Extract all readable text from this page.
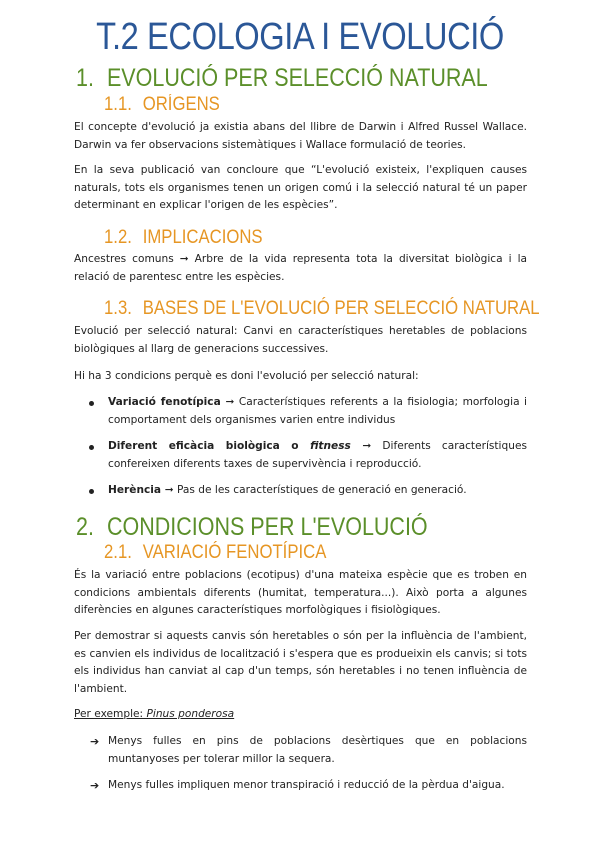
T.2 ECOLOGIA I EVOLUCIÓ
1. EVOLUCIÓ PER SELECCIÓ NATURAL
1.1. ORÍGENS
El concepte d'evolució ja existia abans del llibre de Darwin i Alfred Russel Wallace. Darwin va fer observacions sistemàtiques i Wallace formulació de teories.
En la seva publicació van concloure que “L'evolució existeix, l'expliquen causes naturals, tots els organismes tenen un origen comú i la selecció natural té un paper determinant en explicar l'origen de les espècies”.
1.2. IMPLICACIONS
Ancestres comuns ➞ Arbre de la vida representa tota la diversitat biològica i la relació de parentesc entre les espècies.
1.3. BASES DE L'EVOLUCIÓ PER SELECCIÓ NATURAL
Evolució per selecció natural: Canvi en característiques heretables de poblacions biològiques al llarg de generacions successives.
Hi ha 3 condicions perquè es doni l'evolució per selecció natural:
Variació fenotípica ➞ Característiques referents a la fisiologia; morfologia i comportament dels organismes varien entre individus
Diferent eficàcia biològica o fitness ➞ Diferents característiques confereixen diferents taxes de supervivència i reproducció.
Herència ➞ Pas de les característiques de generació en generació.
2. CONDICIONS PER L'EVOLUCIÓ
2.1. VARIACIÓ FENOTÍPICA
És la variació entre poblacions (ecotipus) d'una mateixa espècie que es troben en condicions ambientals diferents (humitat, temperatura...). Això porta a algunes diferències en algunes característiques morfològiques i fisiològiques.
Per demostrar si aquests canvis són heretables o són per la influència de l'ambient, es canvien els individus de localització i s'espera que es produeixin els canvis; si tots els individus han canviat al cap d'un temps, són heretables i no tenen influència de l'ambient.
Per exemple: Pinus ponderosa
➔ Menys fulles en pins de poblacions desèrtiques que en poblacions muntanyoses per tolerar millor la sequera.
➔ Menys fulles impliquen menor transpiració i reducció de la pèrdua d'aigua.
